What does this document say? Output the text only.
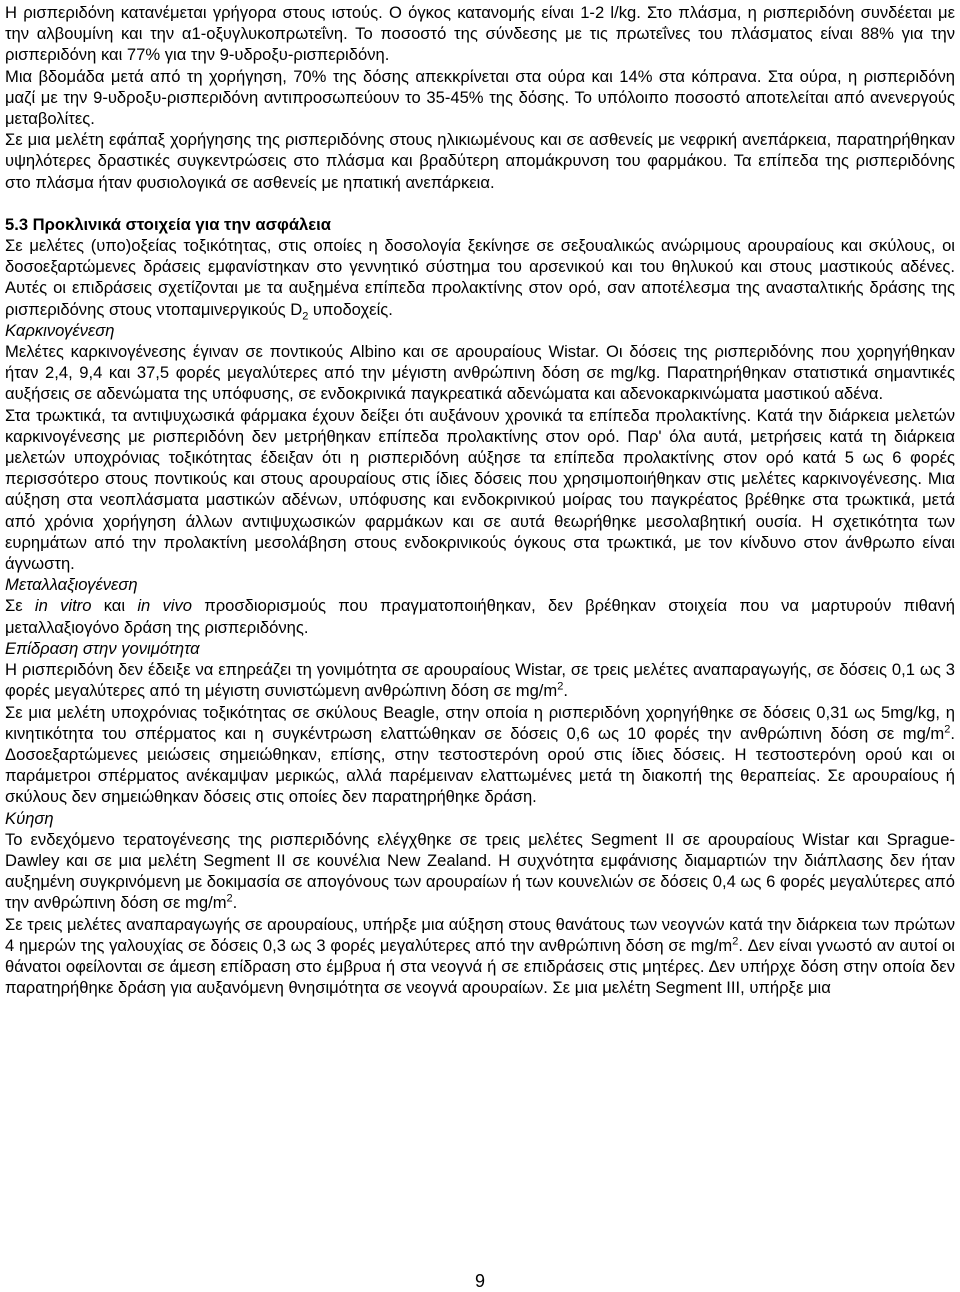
Η ρισπεριδόνη κατανέμεται γρήγορα στους ιστούς. Ο όγκος κατανομής είναι 1-2 l/kg. Στο πλάσμα, η ρισπεριδόνη συνδέεται με την αλβουμίνη και την α1-οξυγλυκοπρωτεΐνη. Το ποσοστό της σύνδεσης με τις πρωτεΐνες του πλάσματος είναι 88% για την ρισπεριδόνη και 77% για την 9-υδροξυ-ρισπεριδόνη.

Μια βδομάδα μετά από τη χορήγηση, 70% της δόσης απεκκρίνεται στα ούρα και 14% στα κόπρανα. Στα ούρα, η ρισπεριδόνη μαζί με την 9-υδροξυ-ρισπεριδόνη αντιπροσωπεύουν το 35-45% της δόσης. Το υπόλοιπο ποσοστό αποτελείται από ανενεργούς μεταβολίτες.

Σε μια μελέτη εφάπαξ χορήγησης της ρισπεριδόνης στους ηλικιωμένους και σε ασθενείς με νεφρική ανεπάρκεια, παρατηρήθηκαν υψηλότερες δραστικές συγκεντρώσεις στο πλάσμα και βραδύτερη απομάκρυνση του φαρμάκου. Τα επίπεδα της ρισπεριδόνης στο πλάσμα ήταν φυσιολογικά σε ασθενείς με ηπατική ανεπάρκεια.

5.3 Προκλινικά στοιχεία για την ασφάλεια

Σε μελέτες (υπο)οξείας τοξικότητας, στις οποίες η δοσολογία ξεκίνησε σε σεξουαλικώς ανώριμους αρουραίους και σκύλους, οι δοσοεξαρτώμενες δράσεις εμφανίστηκαν στο γεννητικό σύστημα του αρσενικού και του θηλυκού και στους μαστικούς αδένες. Αυτές οι επιδράσεις σχετίζονται με τα αυξημένα επίπεδα προλακτίνης στον ορό, σαν αποτέλεσμα της ανασταλτικής δράσης της ρισπεριδόνης στους ντοπαμινεργικούς $D_2$ υποδοχείς.

Καρκινογένεση

Μελέτες καρκινογένεσης έγιναν σε ποντικούς Albino και σε αρουραίους Wistar. Οι δόσεις της ρισπεριδόνης που χορηγήθηκαν ήταν 2,4, 9,4 και 37,5 φορές μεγαλύτερες από την μέγιστη ανθρώπινη δόση σε mg/kg. Παρατηρήθηκαν στατιστικά σημαντικές αυξήσεις σε αδενώματα της υπόφυσης, σε ενδοκρινικά παγκρεατικά αδενώματα και αδενοκαρκινώματα μαστικού αδένα.

Στα τρωκτικά, τα αντιψυχωσικά φάρμακα έχουν δείξει ότι αυξάνουν χρονικά τα επίπεδα προλακτίνης. Κατά την διάρκεια μελετών καρκινογένεσης με ρισπεριδόνη δεν μετρήθηκαν επίπεδα προλακτίνης στον ορό. Παρ' όλα αυτά, μετρήσεις κατά τη διάρκεια μελετών υποχρόνιας τοξικότητας έδειξαν ότι η ρισπεριδόνη αύξησε τα επίπεδα προλακτίνης στον ορό κατά 5 ως 6 φορές περισσότερο στους ποντικούς και στους αρουραίους στις ίδιες δόσεις που χρησιμοποιήθηκαν στις μελέτες καρκινογένεσης. Μια αύξηση στα νεοπλάσματα μαστικών αδένων, υπόφυσης και ενδοκρινικού μοίρας του παγκρέατος βρέθηκε στα τρωκτικά, μετά από χρόνια χορήγηση άλλων αντιψυχωσικών φαρμάκων και σε αυτά θεωρήθηκε μεσολαβητική ουσία. Η σχετικότητα των ευρημάτων από την προλακτίνη μεσολάβηση στους ενδοκρινικούς όγκους στα τρωκτικά, με τον κίνδυνο στον άνθρωπο είναι άγνωστη.

Μεταλλαξιογένεση

Σε in vitro και in vivo προσδιορισμούς που πραγματοποιήθηκαν, δεν βρέθηκαν στοιχεία που να μαρτυρούν πιθανή μεταλλαξιογόνο δράση της ρισπεριδόνης.

Επίδραση στην γονιμότητα

Η ρισπεριδόνη δεν έδειξε να επηρεάζει τη γονιμότητα σε αρουραίους Wistar, σε τρεις μελέτες αναπαραγωγής, σε δόσεις 0,1 ως 3 φορές μεγαλύτερες από τη μέγιστη συνιστώμενη ανθρώπινη δόση σε $mg/m^2$.

Σε μια μελέτη υποχρόνιας τοξικότητας σε σκύλους Beagle, στην οποία η ρισπεριδόνη χορηγήθηκε σε δόσεις 0,31 ως 5mg/kg, η κινητικότητα του σπέρματος και η συγκέντρωση ελαττώθηκαν σε δόσεις 0,6 ως 10 φορές την ανθρώπινη δόση σε $mg/m^2$. Δοσοεξαρτώμενες μειώσεις σημειώθηκαν, επίσης, στην τεστοστερόνη ορού στις ίδιες δόσεις. Η τεστοστερόνη ορού και οι παράμετροι σπέρματος ανέκαμψαν μερικώς, αλλά παρέμειναν ελαττωμένες μετά τη διακοπή της θεραπείας. Σε αρουραίους ή σκύλους δεν σημειώθηκαν δόσεις στις οποίες δεν παρατηρήθηκε δράση.

Κύηση

Το ενδεχόμενο τερατογένεσης της ρισπεριδόνης ελέγχθηκε σε τρεις μελέτες Segment II σε αρουραίους Wistar και Sprague-Dawley και σε μια μελέτη Segment II σε κουνέλια New Zealand. Η συχνότητα εμφάνισης διαμαρτιών την διάπλασης δεν ήταν αυξημένη συγκρινόμενη με δοκιμασία σε απογόνους των αρουραίων ή των κουνελιών σε δόσεις 0,4 ως 6 φορές μεγαλύτερες από την ανθρώπινη δόση σε $mg/m^2$.

Σε τρεις μελέτες αναπαραγωγής σε αρουραίους, υπήρξε μια αύξηση στους θανάτους των νεογνών κατά την διάρκεια των πρώτων 4 ημερών της γαλουχίας σε δόσεις 0,3 ως 3 φορές μεγαλύτερες από την ανθρώπινη δόση σε $mg/m^2$. Δεν είναι γνωστό αν αυτοί οι θάνατοι οφείλονται σε άμεση επίδραση στο έμβρυα ή στα νεογνά ή σε επιδράσεις στις μητέρες. Δεν υπήρχε δόση στην οποία δεν παρατηρήθηκε δράση για αυξανόμενη θνησιμότητα σε νεογνά αρουραίων. Σε μια μελέτη Segment III, υπήρξε μια

9
